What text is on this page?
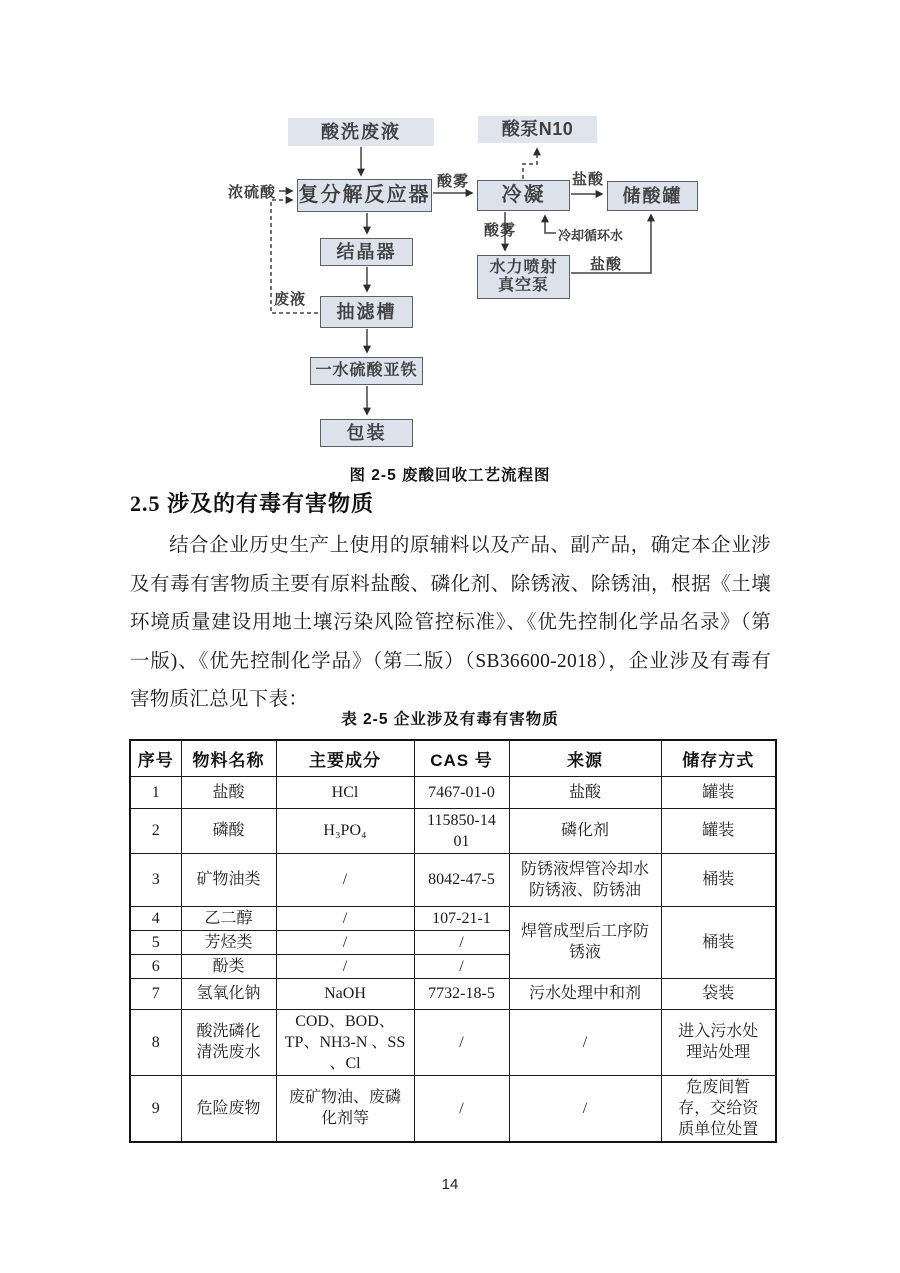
酸洗废液	酸泵N10
复分解反应器	冷凝	储酸罐
结晶器
水力喷射真空泵
抽滤槽
一水硫酸亚铁
包装
浓硫酸
酸雾	盐酸
酸雾	冷却循环水
盐酸
废液
图 2-5 废酸回收工艺流程图
2.5 涉及的有毒有害物质

结合企业历史生产上使用的原辅料以及产品、副产品，确定本企业涉及有毒有害物质主要有原料盐酸、磷化剂、除锈液、除锈油，根据《土壤环境质量建设用地土壤污染风险管控标准》、《优先控制化学品名录》（第一版)、《优先控制化学品》（第二版）（SB36600-2018），企业涉及有毒有害物质汇总见下表：

表 2-5 企业涉及有毒有害物质
序号	物料名称	主要成分	CAS 号	来源	储存方式
1	盐酸	HCl	7467-01-0	盐酸	罐装
2	磷酸	H₃PO₄	115850-1401	磷化剂	罐装
3	矿物油类	/	8042-47-5	防锈液焊管冷却水防锈液、防锈油	桶装
4	乙二醇	/	107-21-1	焊管成型后工序防锈液	桶装
5	芳烃类	/	/		
6	酚类	/	/		
7	氢氧化钠	NaOH	7732-18-5	污水处理中和剂	袋装
8	酸洗磷化清洗废水	COD、BOD、TP、NH3-N 、SS 、Cl	/	/	进入污水处理站处理
9	危险废物	废矿物油、废磷化剂等	/	/	危废间暂存，交给资质单位处置
14
